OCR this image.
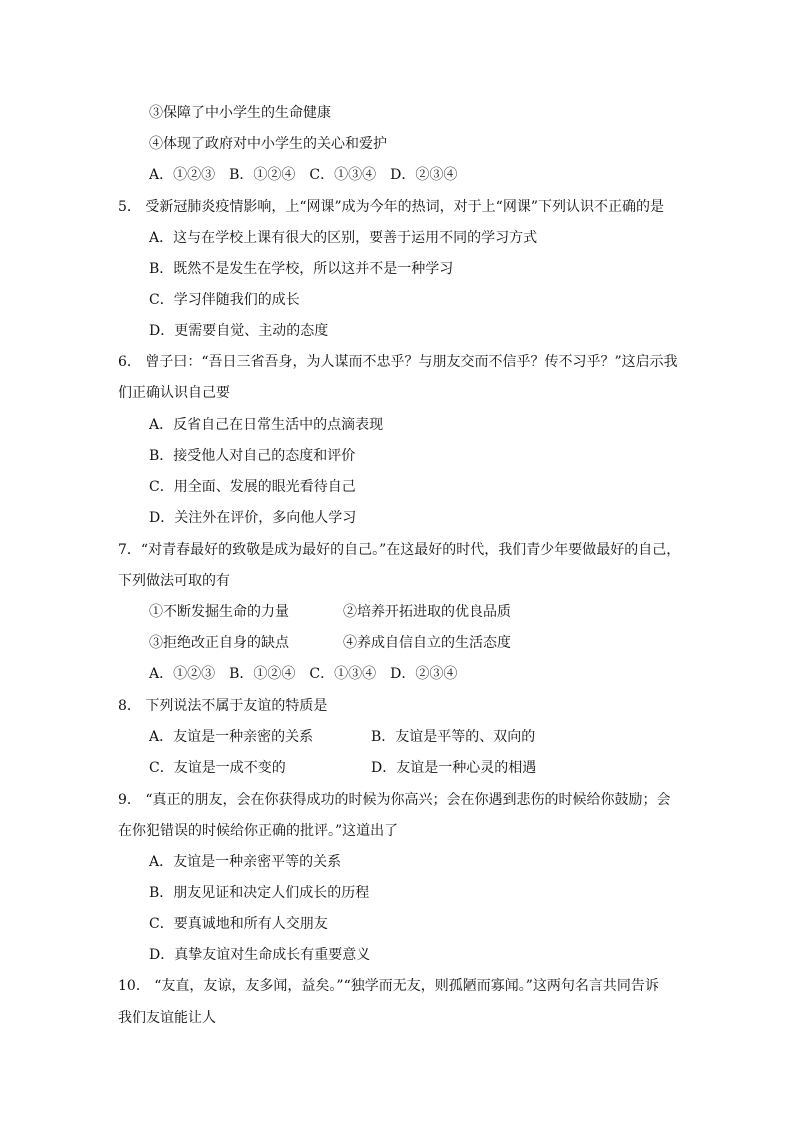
③保障了中小学生的生命健康
④体现了政府对中小学生的关心和爱护
A．①②③　B．①②④　C．①③④　D．②③④
5． 受新冠肺炎疫情影响，上“网课”成为今年的热词，对于上“网课”下列认识不正确的是
A．这与在学校上课有很大的区别，要善于运用不同的学习方式
B．既然不是发生在学校，所以这并不是一种学习
C．学习伴随我们的成长
D．更需要自觉、主动的态度
6． 曾子曰：“吾日三省吾身，为人谋而不忠乎？与朋友交而不信乎？传不习乎？”这启示我
们正确认识自己要
A．反省自己在日常生活中的点滴表现
B．接受他人对自己的态度和评价
C．用全面、发展的眼光看待自己
D．关注外在评价，多向他人学习
7．“对青春最好的致敬是成为最好的自己。”在这最好的时代，我们青少年要做最好的自己，
下列做法可取的有
①不断发掘生命的力量	②培养开拓进取的优良品质
③拒绝改正自身的缺点	④养成自信自立的生活态度
A．①②③　B．①②④　C．①③④　D．②③④
8． 下列说法不属于友谊的特质是
A．友谊是一种亲密的关系	B．友谊是平等的、双向的
C．友谊是一成不变的	D．友谊是一种心灵的相遇
9． “真正的朋友，会在你获得成功的时候为你高兴；会在你遇到悲伤的时候给你鼓励；会
在你犯错误的时候给你正确的批评。”这道出了
A．友谊是一种亲密平等的关系
B．朋友见证和决定人们成长的历程
C．要真诚地和所有人交朋友
D．真挚友谊对生命成长有重要意义
10． “友直，友谅，友多闻，益矣。”“独学而无友，则孤陋而寡闻。”这两句名言共同告诉
我们友谊能让人
